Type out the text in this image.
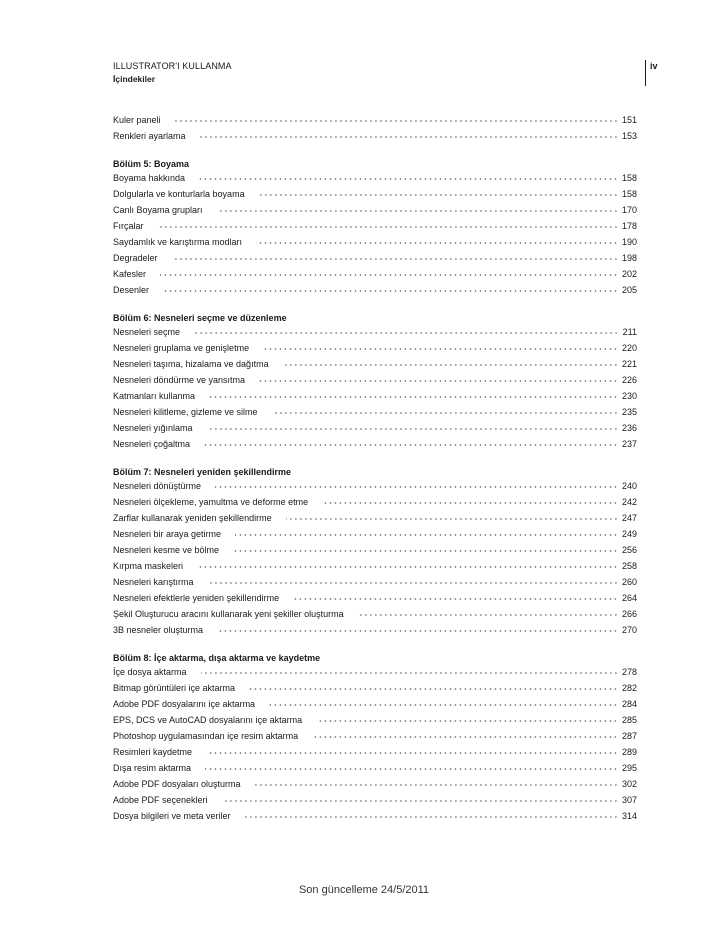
ILLUSTRATOR'I KULLANMA
İçindekiler
iv
Kuler paneli	151
Renkleri ayarlama	153
Bölüm 5: Boyama
Boyama hakkında	158
Dolgularla ve konturlarla boyama	158
Canlı Boyama grupları	170
Fırçalar	178
Saydamlık ve karıştırma modları	190
Degradeler	198
Kafesler	202
Desenler	205
Bölüm 6: Nesneleri seçme ve düzenleme
Nesneleri seçme	211
Nesneleri gruplama ve genişletme	220
Nesneleri taşıma, hizalama ve dağıtma	221
Nesneleri döndürme ve yansıtma	226
Katmanları kullanma	230
Nesneleri kilitleme, gizleme ve silme	235
Nesneleri yığınlama	236
Nesneleri çoğaltma	237
Bölüm 7: Nesneleri yeniden şekillendirme
Nesneleri dönüştürme	240
Nesneleri ölçekleme, yamultma ve deforme etme	242
Zarflar kullanarak yeniden şekillendirme	247
Nesneleri bir araya getirme	249
Nesneleri kesme ve bölme	256
Kırpma maskeleri	258
Nesneleri karıştırma	260
Nesneleri efektlerle yeniden şekillendirme	264
Şekil Oluşturucu aracını kullanarak yeni şekiller oluşturma	266
3B nesneler oluşturma	270
Bölüm 8: İçe aktarma, dışa aktarma ve kaydetme
İçe dosya aktarma	278
Bitmap görüntüleri içe aktarma	282
Adobe PDF dosyalarını içe aktarma	284
EPS, DCS ve AutoCAD dosyalarını içe aktarma	285
Photoshop uygulamasından içe resim aktarma	287
Resimleri kaydetme	289
Dışa resim aktarma	295
Adobe PDF dosyaları oluşturma	302
Adobe PDF seçenekleri	307
Dosya bilgileri ve meta veriler	314
Son güncelleme 24/5/2011
